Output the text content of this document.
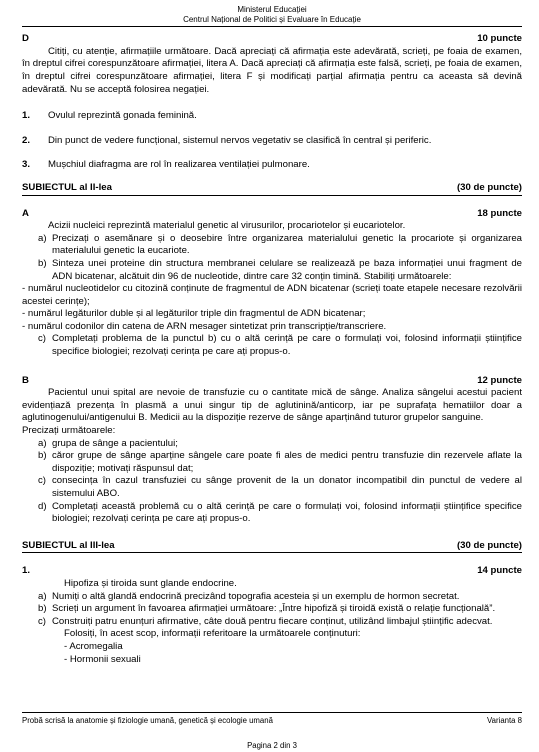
Ministerul Educației
Centrul Național de Politici și Evaluare în Educație
D	10 puncte
Citiți, cu atenție, afirmațiile următoare. Dacă apreciați că afirmația este adevărată, scrieți, pe foaia de examen, în dreptul cifrei corespunzătoare afirmației, litera A. Dacă apreciați că afirmația este falsă, scrieți, pe foaia de examen, în dreptul cifrei corespunzătoare afirmației, litera F și modificați parțial afirmația pentru ca aceasta să devină adevărată. Nu se acceptă folosirea negației.
1.	Ovulul reprezintă gonada feminină.
2.	Din punct de vedere funcțional, sistemul nervos vegetativ se clasifică în central și periferic.
3.	Mușchiul diafragma are rol în realizarea ventilației pulmonare.
SUBIECTUL al II-lea	(30 de puncte)
A	18 puncte
Acizii nucleici reprezintă materialul genetic al virusurilor, procariotelor și eucariotelor.
a) Precizați o asemănare și o deosebire între organizarea materialului genetic la procariote și organizarea materialului genetic la eucariote.
b) Sinteza unei proteine din structura membranei celulare se realizează pe baza informației unui fragment de ADN bicatenar, alcătuit din 96 de nucleotide, dintre care 32 conțin timină. Stabiliți următoarele:
- numărul nucleotidelor cu citozină conținute de fragmentul de ADN bicatenar (scrieți toate etapele necesare rezolvării acestei cerințe);
- numărul legăturilor duble și al legăturilor triple din fragmentul de ADN bicatenar;
- numărul codonilor din catena de ARN mesager sintetizat prin transcripție/transcriere.
c) Completați problema de la punctul b) cu o altă cerință pe care o formulați voi, folosind informații științifice specifice biologiei; rezolvați cerința pe care ați propus-o.
B	12 puncte
Pacientul unui spital are nevoie de transfuzie cu o cantitate mică de sânge. Analiza sângelui acestui pacient evidențiază prezența în plasmă a unui singur tip de aglutinină/anticorp, iar pe suprafața hematiilor doar a aglutinogenului/antigenului B. Medicii au la dispoziție rezerve de sânge aparținând tuturor grupelor sanguine.
Precizați următoarele:
a) grupa de sânge a pacientului;
b) căror grupe de sânge aparține sângele care poate fi ales de medici pentru transfuzie din rezervele aflate la dispoziție; motivați răspunsul dat;
c) consecința în cazul transfuziei cu sânge provenit de la un donator incompatibil din punctul de vedere al sistemului ABO.
d) Completați această problemă cu o altă cerință pe care o formulați voi, folosind informații științifice specifice biologiei; rezolvați cerința pe care ați propus-o.
SUBIECTUL al III-lea	(30 de puncte)
1.	14 puncte
Hipofiza și tiroida sunt glande endocrine.
a) Numiți o altă glandă endocrină precizând topografia acesteia și un exemplu de hormon secretat.
b) Scrieți un argument în favoarea afirmației următoare: „Între hipofiză și tiroidă există o relație funcțională”.
c) Construiți patru enunțuri afirmative, câte două pentru fiecare conținut, utilizând limbajul științific adecvat.
Folosiți, în acest scop, informații referitoare la următoarele conținuturi:
- Acromegalia
- Hormonii sexuali
Probă scrisă la anatomie și fiziologie umană, genetică și ecologie umană	Varianta 8
Pagina 2 din 3
